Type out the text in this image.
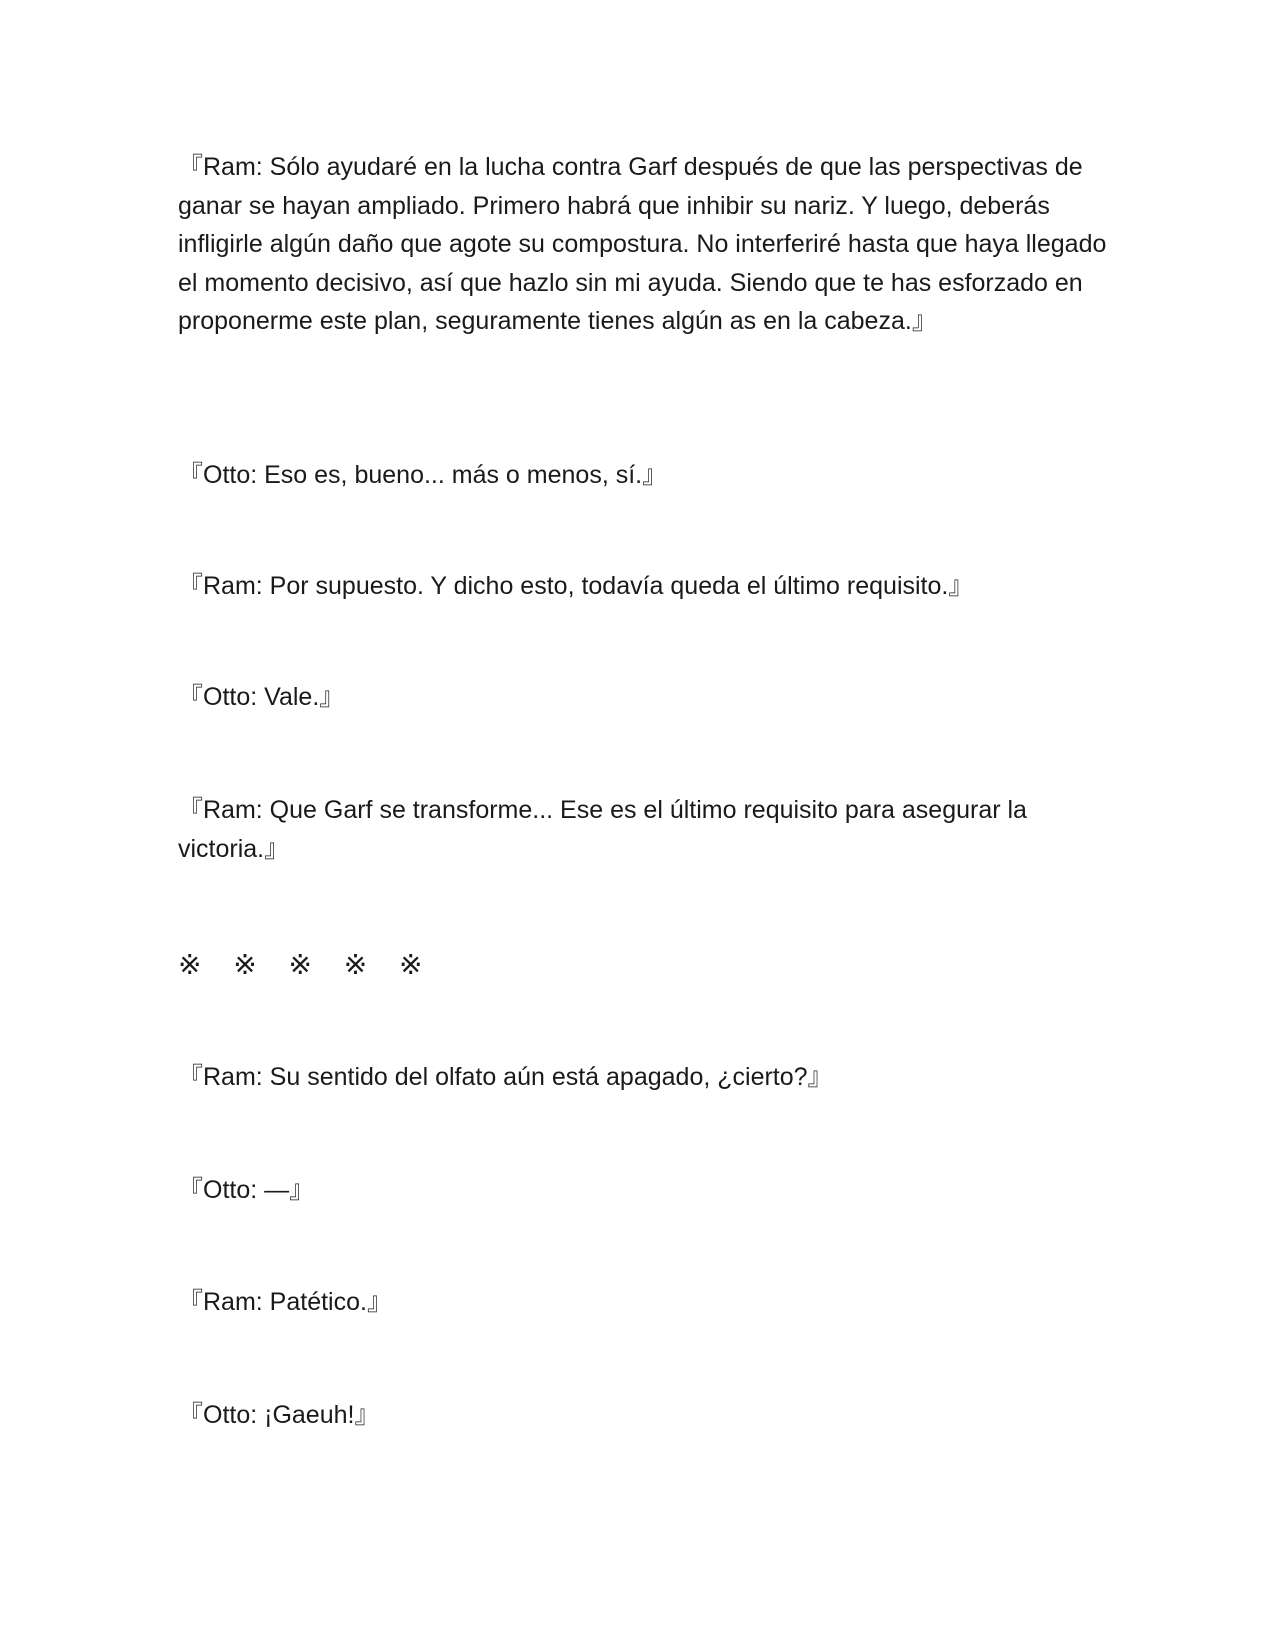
『Ram: Sólo ayudaré en la lucha contra Garf después de que las perspectivas de ganar se hayan ampliado. Primero habrá que inhibir su nariz. Y luego, deberás infligirle algún daño que agote su compostura. No interferiré hasta que haya llegado el momento decisivo, así que hazlo sin mi ayuda. Siendo que te has esforzado en proponerme este plan, seguramente tienes algún as en la cabeza.』

『Otto: Eso es, bueno... más o menos, sí.』

『Ram: Por supuesto. Y dicho esto, todavía queda el último requisito.』

『Otto: Vale.』

『Ram: Que Garf se transforme... Ese es el último requisito para asegurar la victoria.』

※ ※ ※ ※ ※

『Ram: Su sentido del olfato aún está apagado, ¿cierto?』

『Otto: —』

『Ram: Patético.』

『Otto: ¡Gaeuh!』
